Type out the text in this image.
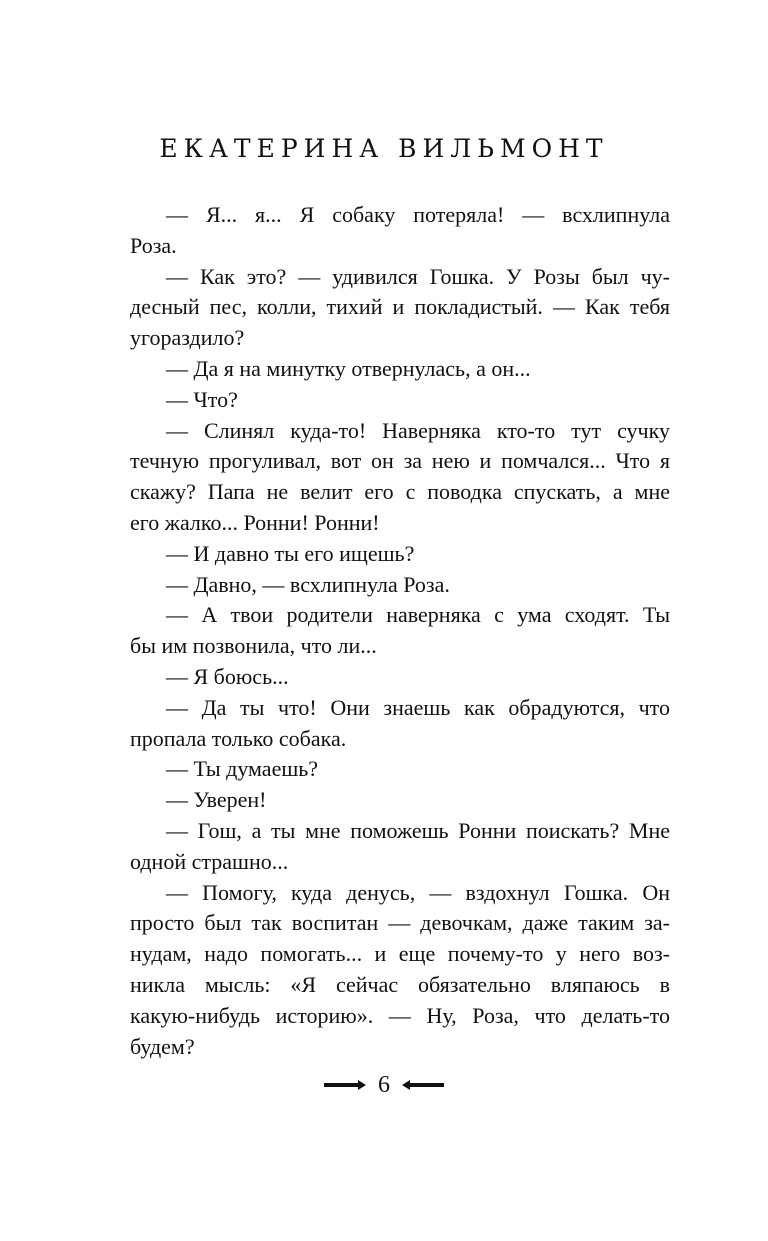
ЕКАТЕРИНА ВИЛЬМОНТ
— Я... я... Я собаку потеряла! — всхлипнула
Роза.
— Как это? — удивился Гошка. У Розы был чу-
десный пес, колли, тихий и покладистый. — Как тебя
угораздило?
— Да я на минутку отвернулась, а он...
— Что?
— Слинял куда-то! Наверняка кто-то тут сучку
течную прогуливал, вот он за нею и помчался... Что я
скажу? Папа не велит его с поводка спускать, а мне
его жалко... Ронни! Ронни!
— И давно ты его ищешь?
— Давно, — всхлипнула Роза.
— А твои родители наверняка с ума сходят. Ты
бы им позвонила, что ли...
— Я боюсь...
— Да ты что! Они знаешь как обрадуются, что
пропала только собака.
— Ты думаешь?
— Уверен!
— Гош, а ты мне поможешь Ронни поискать? Мне
одной страшно...
— Помогу, куда денусь, — вздохнул Гошка. Он
просто был так воспитан — девочкам, даже таким за-
нудам, надо помогать... и еще почему-то у него воз-
никла мысль: «Я сейчас обязательно вляпаюсь в
какую-нибудь историю». — Ну, Роза, что делать-то
будем?
6
